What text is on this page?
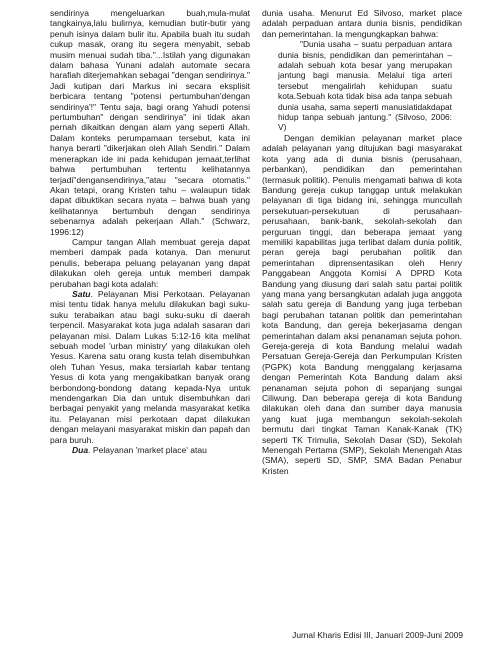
sendirinya mengeluarkan buah,mula-mulat tangkainya,lalu bulirnya, kemudian butir-butir yang penuh isinya dalam bulir itu. Apabila buah itu sudah cukup masak, orang itu segera menyabit, sebab musim menuai sudah tiba."...Istilah yang digunakan dalam bahasa Yunani adalah automate secara harafiah diterjemahkan sebagai "dengan sendirinya." Jadi kutipan dari Markus ini secara eksplisit berbicara tentang "potensi pertumbuhan'dengan sendirinya'!" Tentu saja, bagi orang Yahudi potensi pertumbuhan" dengan sendirinya" ini tidak akan pernah dikaitkan dengan alam yang seperti Allah. Dalam konteks perumpamaan tersebut, kata ini hanya berarti "dikerjakan oleh Allah Sendiri." Dalam menerapkan ide ini pada kehidupan jemaat,terlihat bahwa pertumbuhan tertentu kelihatannya terjadi"dengansendirinya,"atau "secara otomatis." Akan tetapi, orang Kristen tahu – walaupun tidak dapat dibuktikan secara nyata – bahwa buah yang kelihatannya bertumbuh dengan sendirinya sebenarnya adalah pekerjaan Allah." (Schwarz, 1996:12)

Campur tangan Allah membuat gereja dapat memberi dampak pada kotanya. Dan menurut penulis, beberapa peluang pelayanan yang dapat dilakukan oleh gereja untuk memberi dampak perubahan bagi kota adalah:

Satu. Pelayanan Misi Perkotaan. Pelayanan misi tentu tidak hanya melulu dilakukan bagi suku-suku terabaikan atau bagi suku-suku di daerah terpencil. Masyarakat kota juga adalah sasaran dari pelayanan misi. Dalam Lukas 5:12-16 kita melihat sebuah model 'urban ministry' yang dilakukan oleh Yesus. Karena satu orang kusta telah disembuhkan oleh Tuhan Yesus, maka tersiarlah kabar tentang Yesus di kota yang mengakibatkan banyak orang berbondong-bondong datang kepada-Nya untuk mendengarkan Dia dan untuk disembuhkan dari berbagai penyakit yang melanda masyarakat ketika itu. Pelayanan misi perkotaan dapat dilakukan dengan melayani masyarakat miskin dan papah dan para buruh.

Dua. Pelayanan 'market place' atau

dunia usaha. Menurut Ed Silvoso, market place adalah perpaduan antara dunia bisnis, pendidikan dan pemerintahan. Ia mengungkapkan bahwa:

"Dunia usaha – suatu perpaduan antara dunia bisnis, pendidikan dan pemerintahan – adalah sebuah kota besar yang merupakan jantung bagi manusia. Melalui tiga arteri tersebut mengalirlah kehidupan suatu kota.Sebuah kota tidak bisa ada tanpa sebuah dunia usaha, sama seperti manusiatidakdapat hidup tanpa sebuah jantung." (Silvoso, 2006: V)

Dengan demikian pelayanan market place adalah pelayanan yang ditujukan bagi masyarakat kota yang ada di dunia bisnis (perusahaan, perbankan), pendidikan dan pemerintahan (termasuk politik). Penulis mengamati bahwa di kota Bandung gereja cukup tanggap untuk melakukan pelayanan di tiga bidang ini, sehingga muncullah persekutuan-persekutuan di perusahaan-perusahaan, bank-bank, sekolah-sekolah dan perguruan tinggi, dan beberapa jemaat yang memiliki kapabilitas juga terlibat dalam dunia politik, peran gereja bagi perubahan politik dan pemerintahan diprensentasikan oleh Henry Panggabean Anggota Komisi A DPRD Kota Bandung yang diusung dari salah satu partai politik yang mana yang bersangkutan adalah juga anggota salah satu gereja di Bandung yang juga terbeban bagi perubahan tatanan politik dan pemerintahan kota Bandung, dan gereja bekerjasama dengan pemerintahan dalam aksi penanaman sejuta pohon. Gereja-gereja di kota Bandung melalui wadah Persatuan Gereja-Gereja dan Perkumpulan Kristen (PGPK) kota Bandung menggalang kerjasama dengan Pemerintah Kota Bandung dalam aksi penanaman sejuta pohon di sepanjang sungai Ciliwung. Dan beberapa gereja di kota Bandung dilakukan oleh dana dan sumber daya manusia yang kuat juga membangun sekolah-sekolah bermutu dari tingkat Taman Kanak-Kanak (TK) seperti TK Trimulia, Sekolah Dasar (SD), Sekolah Menengah Pertama (SMP), Sekolah Menengah Atas (SMA), seperti SD, SMP, SMA Badan Penabur Kristen

Jurnal Kharis Edisi III, Januari 2009-Juni 2009
